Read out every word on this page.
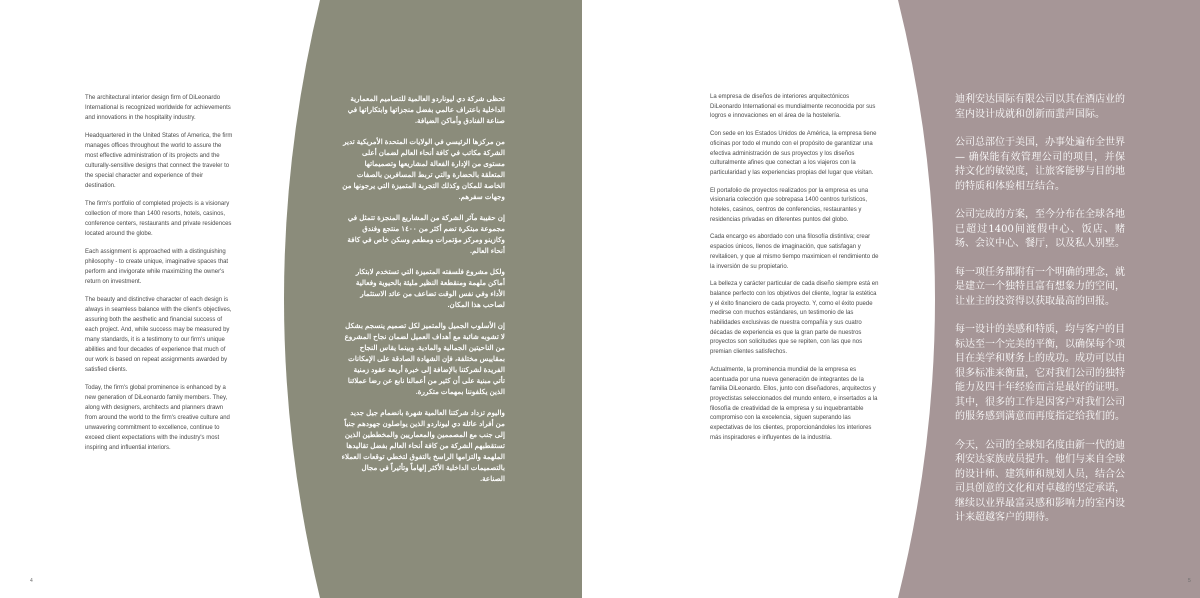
The architectural interior design firm of DiLeonardo International is recognized worldwide for achievements and innovations in the hospitality industry.

Headquartered in the United States of America, the firm manages offices throughout the world to assure the most effective administration of its projects and the culturally-sensitive designs that connect the traveler to the special character and experience of their destination.

The firm's portfolio of completed projects is a visionary collection of more than 1400 resorts, hotels, casinos, conference centers, restaurants and private residences located around the globe.

Each assignment is approached with a distinguishing philosophy - to create unique, imaginative spaces that perform and invigorate while maximizing the owner's return on investment.

The beauty and distinctive character of each design is always in seamless balance with the client's objectives, assuring both the aesthetic and financial success of each project. And, while success may be measured by many standards, it is a testimony to our firm's unique abilities and four decades of experience that much of our work is based on repeat assignments awarded by satisfied clients.

Today, the firm's global prominence is enhanced by a new generation of DiLeonardo family members. They, along with designers, architects and planners drawn from around the world to the firm's creative culture and unwavering commitment to excellence, continue to exceed client expectations with the industry's most inspiring and influential interiors.

تحظى شركة دي ليوناردو العالمية للتصاميم المعمارية الداخلية باعتراف عالمي بفضل منجزاتها وابتكاراتها في صناعة الفنادق وأماكن الضيافة.

من مركزها الرئيسي في الولايات المتحدة الأمريكية تدير الشركة مكاتب في كافة أنحاء العالم لضمان أعلى مستوى من الإدارة الفعالة لمشاريعها وتصميماتها المتعلقة بالحضارة والتي تربط المسافرين بالصفات الخاصة للمكان وكذلك التجربة المتميزة التي يرجونها من وجهات سفرهم.

إن حقيبة مآثر الشركة من المشاريع المنجزة تتمثل في مجموعة مبتكرة تضم أكثر من ١٤٠٠ منتجع وفندق وكازينو ومركز مؤتمرات ومطعم وسكن خاص في كافة أنحاء العالم.

ولكل مشروع فلسفته المتميزة التي تستخدم لابتكار أماكن ملهمة ومنقطعة النظير مليئة بالحيوية وفعالية الأداء وفي نفس الوقت تضاعف من عائد الاستثمار لصاحب هذا المكان.

إن الأسلوب الجميل والمتميز لكل تصميم ينسجم بشكل لا تشوبه شائبة مع أهداف العميل لضمان نجاح المشروع من الناحيتين الجمالية والمادية. وبينما يقاس النجاح بمقاييس مختلفة، فإن الشهادة الصادقة على الإمكانات الفريدة لشركتنا بالإضافة إلى خبرة أربعة عقود زمنية تأتي مبنية على أن كثير من أعمالنا نابع عن رضا عملائنا الذين يكلفوننا بمهمات متكررة.

واليوم تزداد شركتنا العالمية شهرة بانضمام جيل جديد من أفراد عائلة دي ليوناردو الذين يواصلون جهودهم جنباً إلى جنب مع المصممين والمعماريين والمخططين الذين تستقطبهم الشركة من كافة أنحاء العالم بفضل تقاليدها الملهمة والتزامها الراسخ بالتفوق لتخطي توقعات العملاء بالتصميمات الداخلية الأكثر إلهاماً وتأثيراً في مجال الصناعة.

La empresa de diseños de interiores arquitectónicos DiLeonardo International es mundialmente reconocida por sus logros e innovaciones en el área de la hostelería.

Con sede en los Estados Unidos de América, la empresa tiene oficinas por todo el mundo con el propósito de garantizar una efectiva administración de sus proyectos y los diseños culturalmente afines que conectan a los viajeros con la particularidad y las experiencias propias del lugar que visitan.

El portafolio de proyectos realizados por la empresa es una visionaria colección que sobrepasa 1400 centros turísticos, hoteles, casinos, centros de conferencias, restaurantes y residencias privadas en diferentes puntos del globo.

Cada encargo es abordado con una filosofía distintiva; crear espacios únicos, llenos de imaginación, que satisfagan y revitalicen, y que al mismo tiempo maximicen el rendimiento de la inversión de su propietario.

La belleza y carácter particular de cada diseño siempre está en balance perfecto con los objetivos del cliente, lograr la estética y el éxito financiero de cada proyecto. Y, como el éxito puede medirse con muchos estándares, un testimonio de las habilidades exclusivas de nuestra compañía y sus cuatro décadas de experiencia es que la gran parte de nuestros proyectos son solicitudes que se repiten, con las que nos premian clientes satisfechos.

Actualmente, la prominencia mundial de la empresa es acentuada por una nueva generación de integrantes de la familia DiLeonardo. Ellos, junto con diseñadores, arquitectos y proyectistas seleccionados del mundo entero, e insertados a la filosofía de creatividad de la empresa y su inquebrantable compromiso con la excelencia, siguen superando las expectativas de los clientes, proporcionándoles los interiores más inspiradores e influyentes de la industria.

迪利安达国际有限公司以其在酒店业的室内设计成就和创新而蜚声国际。

公司总部位于美国，办事处遍布全世界 — 确保能有效管理公司的项目，并保持文化的敏锐度，让旅客能够与目的地的特质和体验相互结合。

公司完成的方案，至今分布在全球各地已超过1400间渡假中心、饭店、赌场、会议中心、餐厅，以及私人别墅。

每一项任务都附有一个明确的理念，就是建立一个独特且富有想象力的空间，让业主的投资得以获取最高的回报。

每一设计的美感和特质，均与客户的目标达至一个完美的平衡，以确保每个项目在美学和财务上的成功。成功可以由很多标准来衡量，它对我们公司的独特能力及四十年经验而言是最好的证明。其中，很多的工作是因客户对我们公司的服务感到满意而再度指定给我们的。

今天，公司的全球知名度由新一代的迪利安达家族成员提升。他们与来自全球的设计师、建筑师和规划人员，结合公司具创意的文化和对卓越的坚定承诺，继续以业界最富灵感和影响力的室内设计来超越客户的期待。

4	5
